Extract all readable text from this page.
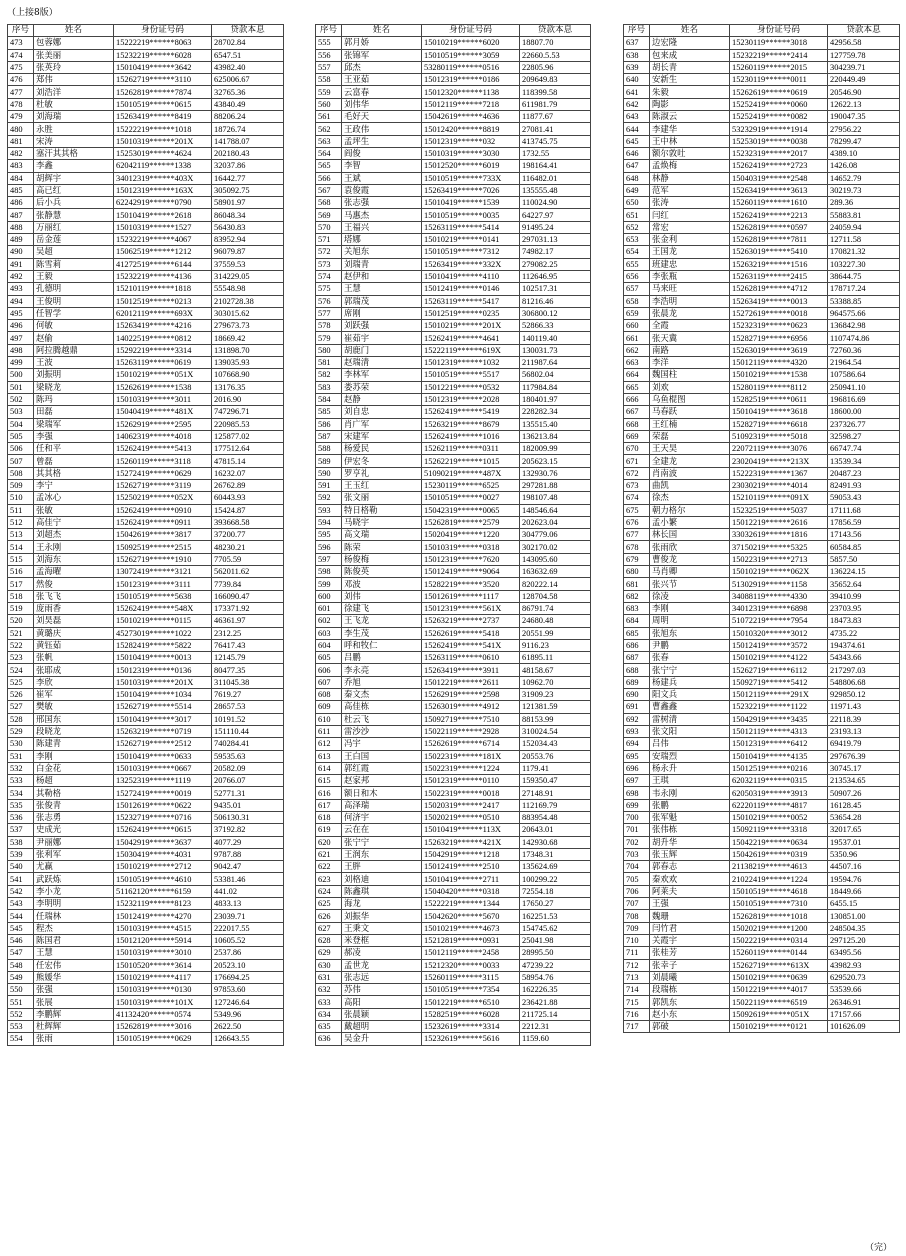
（上接8版）
序号	姓名	身份证号码	贷款本息
473	包蓉娜	15222219******8063	28702.84
474	张美丽	15232219******6028	6547.51
475	张英玲	15010419******3642	43982.40
476	郑伟	15262719******3110	625006.67
477	刘浩洋	15262819******7874	32765.36
478	杜敏	15010519******0615	43840.49
479	刘海瑞	15263419******8419	88206.24
480	永胜	15222219******1018	18726.74
481	宋涛	15010319******201X	141788.07
482	塞汗其其格	15253019******4624	202180.43
483	李鑫	62042119******1338	32037.86
484	胡辉宇	34012319******403X	16442.77
485	高已红	15012319******163X	305092.75
486	后小兵	62242919******0790	58901.97
487	张静慧	15010419******2618	86048.34
488	万丽红	15010319******1527	56430.83
489	岳金莲	15232219******4067	83952.94
490	吴超	15062519******1212	96079.87
491	陈雪莉	41272519******6144	37559.53
492	王毅	15232219******4136	314229.05
493	孔德明	15210119******1818	55548.98
494	王俊明	15012519******0213	2102728.38
495	任智学	62012119******693X	303015.62
496	何敏	15263419******4216	279673.73
497	赵偷	14022519******0812	18669.42
498	阿拉腾越鼎	15292219******3314	131898.70
499	王波	15263119******0619	139035.93
500	刘振明	15010219******051X	107668.90
501	梁晓龙	15262619******1538	13176.35
502	陈玛	15010319******3011	2016.90
503	田磊	15040419******481X	747296.71
504	梁瑞军	15262919******2595	220985.53
505	李强	14062319******4018	125877.02
506	任和平	15262419******5413	177512.64
507	曾磊	15260119******3118	47815.14
508	其其格	15272419******0629	16232.07
509	李宁	15262719******3119	26762.89
510	孟冰心	15250219******052X	60443.93
511	张敏	15262419******0910	15424.87
512	高佳宁	15262419******0911	393668.58
513	刘超杰	15042619******3817	37200.77
514	王永刚	15092519******2515	48230.21
515	刘海东	15262719******1910	7705.59
516	孟海曜	13072419******3121	562011.62
517	然俊	15012319******3111	7739.84
518	张飞飞	15010519******5638	166090.47
519	庞雨香	15262419******548X	173371.92
520	刘昊磊	15010219******0115	46361.97
521	黄璐庆	45273019******1022	2312.25
522	黄钰茹	15282419******5822	76417.43
523	张帆	15010419******0013	12145.79
524	张耶成	15012319******0136	80477.35
525	李欣	15010319******201X	311045.38
526	崔军	15010419******1034	7619.27
527	樊敏	15262719******5514	28657.53
528	邢国东	15010419******3017	10191.52
529	段晓龙	15263219******0719	151110.44
530	陈建青	15262719******2512	740284.41
531	李刚	15010419******0633	59535.63
532	白金花	15010319******0667	20582.09
533	杨超	13252319******1119	20766.07
534	其勒格	15272419******0019	52771.31
535	张俊青	15012619******0622	9435.01
536	张志勇	15232719******0716	506130.31
537	史成光	15262419******0615	37192.82
538	尹丽娜	15042919******3637	4077.29
539	张利军	15030419******4031	9787.88
540	尤赢	15010219******2712	9042.47
541	武跃炼	15010519******4610	53381.46
542	李小龙	51162120******6159	441.02
543	李明明	15232119******8123	4833.13
544	任瑞林	15012419******4270	23039.71
545	程杰	15010319******4515	222017.55
546	陈国君	15012120******5914	10605.52
547	王慧	15010319******3010	2537.86
548	任宏伟	15010520******3614	20523.10
549	熊媛华	15010219******4117	176694.25
550	张强	15010319******0130	97853.60
551	张展	15010319******101X	127246.64
552	李鹏辉	41132420******0574	5349.96
553	杜辉辉	15262819******3016	2622.50
554	张雨	15010519******0629	126643.55
序号	姓名	身份证号码	贷款本息
555	郭月娇	15010219******6020	18807.70
556	张锦军	15010519******3059	22660.5.53
557	邱杰	53280119******0516	22805.96
558	王亚茹	15012319******0186	209649.83
559	云富春	15012320******1138	118399.58
560	刘伟华	15012119******7218	611981.79
561	毛好天	15042619******4636	11877.67
562	王政伟	15012420******8819	27081.41
563	孟坪生	15012319******032	413745.75
564	阎俊	15010319******3030	1732.55
565	李智	15012520******6019	198164.41
566	王斌	15010519******733X	116482.01
567	袁俊霞	15263419******7026	135555.48
568	张志强	15010419******1539	110024.90
569	马惠杰	15010519******0035	64227.97
570	王福兴	15263119******5414	91495.24
571	塔娜	15010219******0141	297031.13
572	关旭东	15010519******7312	74982.17
573	刘瑞青	15263419******332X	279082.25
574	赵伊和	15010419******4110	112646.95
575	王慧	15012419******0146	102517.31
576	郭瑞茂	15263119******5417	81216.46
577	席刚	15012519******0235	306800.12
578	刘跃强	15010219******201X	52866.33
579	崔茹宇	15262419******4641	140119.40
580	胡鹿门	15222119******619X	130031.73
581	赵瑞清	15012319******1032	211987.64
582	李林军	15010519******5517	56802.04
583	娄苏荣	15012219******0532	117984.84
584	赵静	15012319******2028	180401.97
585	刘自忠	15262419******5419	228282.34
586	肖广军	15263219******8679	135515.40
587	宋建军	15262419******1016	136213.84
588	杨爱民	15262119******0311	182009.99
589	伊宏冬	15262219******1015	205623.15
590	罗亨礼	51090219******487X	132930.76
591	王玉红	15230119******6525	297281.88
592	张文丽	15010519******0027	198107.48
593	特日格勒	15042319******0065	148546.64
594	马晓宇	15262819******2579	202623.04
595	高文瑞	15020419******1220	304779.06
596	陈荣	15010319******0318	302170.02
597	杨俊梅	15012319******7620	143095.60
598	陈俊英	15012419******9064	163632.69
599	邓波	15282219******3520	820222.14
600	刘伟	15012619******1117	128704.58
601	徐建飞	15012319******561X	86791.74
602	王飞龙	15263219******2737	24680.48
603	李生茂	15262619******5418	20551.99
604	呼和牧仁	15262419******541X	9116.23
605	吕鹏	15263119******0610	61895.11
606	李永亮	15263419******3911	48158.67
607	乔旭	15012219******2611	10962.70
608	秦文杰	15262919******2598	31909.23
609	高佳栋	15263019******4912	121381.59
610	杜云飞	15092719******7510	88153.99
611	雷沙沙	15022119******2928	310024.54
612	冯宇	15262619******6714	152034.43
613	王白国	15022319******181X	20553.76
614	郭红霞	15022319******1224	1179.41
615	赵家邦	15012319******0110	159350.47
616	额日和木	15022319******0018	27148.91
617	高泽瑞	15020319******2417	112169.79
618	何济宇	15020219******0510	883954.48
619	云在在	15010419******113X	20643.01
620	张宁宁	15263219******421X	142930.68
621	王润东	15042919******1218	17348.31
622	王胖	15012419******2510	135624.69
623	刘格迪	15010419******2711	100299.22
624	陈鑫琪	15040420******0318	72554.18
625	海龙	15222219******1344	17650.27
626	刘振华	15042620******5670	162251.53
627	王秉文	15010219******4673	154745.62
628	米登框	15212819******0931	25041.98
629	郝凌	15012119******2458	28995.50
630	孟世龙	15212320******0033	47239.22
631	张志远	15260119******3115	58954.76
632	苏伟	15010519******7354	162226.35
633	高阳	15012219******6510	236421.88
634	张晨颖	15282519******6028	211725.14
635	戴超明	15232619******3314	2212.31
636	吴金升	15232619******5616	1159.60
序号	姓名	身份证号码	贷款本息
637	边宏隆	15230119******3018	42956.58
638	包来成	15232219******2414	127759.78
639	胡长青	15260119******2015	304239.71
640	安新生	15230119******0011	220449.49
641	朱毅	15262619******0619	20546.90
642	陶影	15252419******0060	12622.13
643	陈淑云	15252419******0082	190047.35
644	李建华	53232919******1914	27956.22
645	王中林	15253019******0038	78299.47
646	额尔敦吐	15232319******2017	4389.10
647	孟焕梅	15262419******2723	1426.08
648	林静	15040319******2548	14652.79
649	范军	15263419******3613	30219.73
650	张涛	15260119******1610	289.36
651	闫红	15262419******2213	55883.81
652	常宏	15262819******0597	24059.94
653	张金利	15262819******7811	12711.58
654	王国龙	15263019******5410	170821.32
655	班建忠	15263219******1516	103227.30
656	李张瓶	15263119******2415	38644.75
657	马来旺	15262819******4712	178717.24
658	李浩明	15263419******0013	53388.85
659	张晨龙	15272619******0018	964575.66
660	全霞	15232319******0623	136842.98
661	张天冀	15282719******6956	1107474.86
662	南路	15263019******3619	72760.36
663	李洋	15012119******4320	21964.54
664	魏国柱	15010219******1538	107586.64
665	刘欢	15280119******8112	250941.10
666	乌鱼棍图	15282519******0611	196816.69
667	马春跃	15010419******3618	18600.00
668	王红楠	15282719******6618	237326.77
669	荣磊	51092319******5018	32598.27
670	王天昊	22072119******3076	66747.74
671	全建龙	23020419******213X	13539.34
672	肖南波	15222319******1367	20487.23
673	曲凯	23030219******4014	82491.93
674	徐杰	15210119******091X	59053.43
675	朝力格尔	15232519******5037	17111.68
676	孟小繁	15012219******2616	17856.59
677	林长国	33032619******1816	17143.56
678	张雨欣	37150219******5325	60584.85
679	曹俊龙	15022319******2713	5857.50
680	马肖卿	15010219******062X	136224.15
681	张兴节	51302919******1158	35652.64
682	徐凌	34088119******4330	39410.99
683	李刚	34012319******6898	23703.95
684	周明	51072219******7954	18473.83
685	张旭东	15010320******3012	4735.22
686	尹鹏	15012419******3572	194374.61
687	张春	15010219******4122	54343.66
688	张宁宁	15262719******6112	217297.03
689	杨建兵	15092719******5412	548806.68
690	阳文兵	15012119******291X	929850.12
691	曹鑫鑫	15232219******1122	11971.43
692	雷树清	15042919******3435	22118.39
693	张文阳	15012119******4313	23193.13
694	吕伟	15012319******6412	69419.79
695	安瑞烈	15010419******4135	297676.39
696	杨永升	15012519******0216	30745.17
697	王琪	62032119******0315	213534.65
698	韦永刚	62050319******3913	50907.26
699	张鹏	62220119******4817	16128.45
700	张军魁	15010219******0052	53654.28
701	张伟栋	15092119******3318	32017.65
702	胡升华	15042219******0634	19537.01
703	张玉辉	15042619******0319	5350.96
704	郭春志	21138219******4613	44507.16
705	秦欢欢	21022419******1224	19594.76
706	阿莱夫	15010519******4618	18449.66
707	王强	15010519******7310	6455.15
708	魏珊	15262819******1018	130851.00
709	闫竹君	15020219******1200	248504.35
710	关霞宇	15022219******0314	297125.20
711	张桂芳	15260119******0144	63495.56
712	张幸子	15262719******613X	43982.93
713	刘晨曦	15010219******0639	629520.73
714	段瑞栋	15012219******4017	53539.66
715	郭凯东	15022119******6519	26346.91
716	赵小东	15092619******051X	17157.66
717	郭破	15010219******0121	101626.09
（完）
